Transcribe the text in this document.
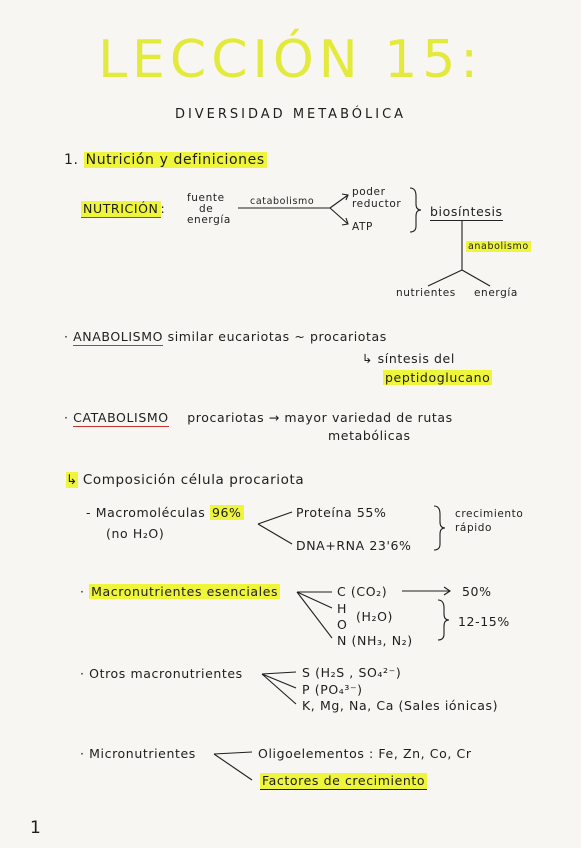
LECCIÓN 15:
DIVERSIDAD METABÓLICA
1. Nutrición y definiciones
NUTRICIÓN :
fuente
de
energía
catabolismo
poder
reductor
ATP
biosíntesis
anabolismo
nutrientes energía
· ANABOLISMO similar eucariotas ~ procariotas
↳ síntesis del
peptidoglucano
· CATABOLISMO procariotas → mayor variedad de rutas
metabólicas
↳ Composición célula procariota
- Macromoléculas 96%
(no H₂O)
Proteína 55%
DNA+RNA 23'6%
crecimiento
rápido
· Macronutrientes esenciales	C (CO₂)	50%
H
(H₂O)
O
N (NH₃, N₂)
12-15%
· Otros macronutrientes	S (H₂S , SO₄²⁻)
P (PO₄³⁻)
K, Mg, Na, Ca (Sales iónicas)
· Micronutrientes	Oligoelementos : Fe, Zn, Co, Cr
Factores de crecimiento
1
